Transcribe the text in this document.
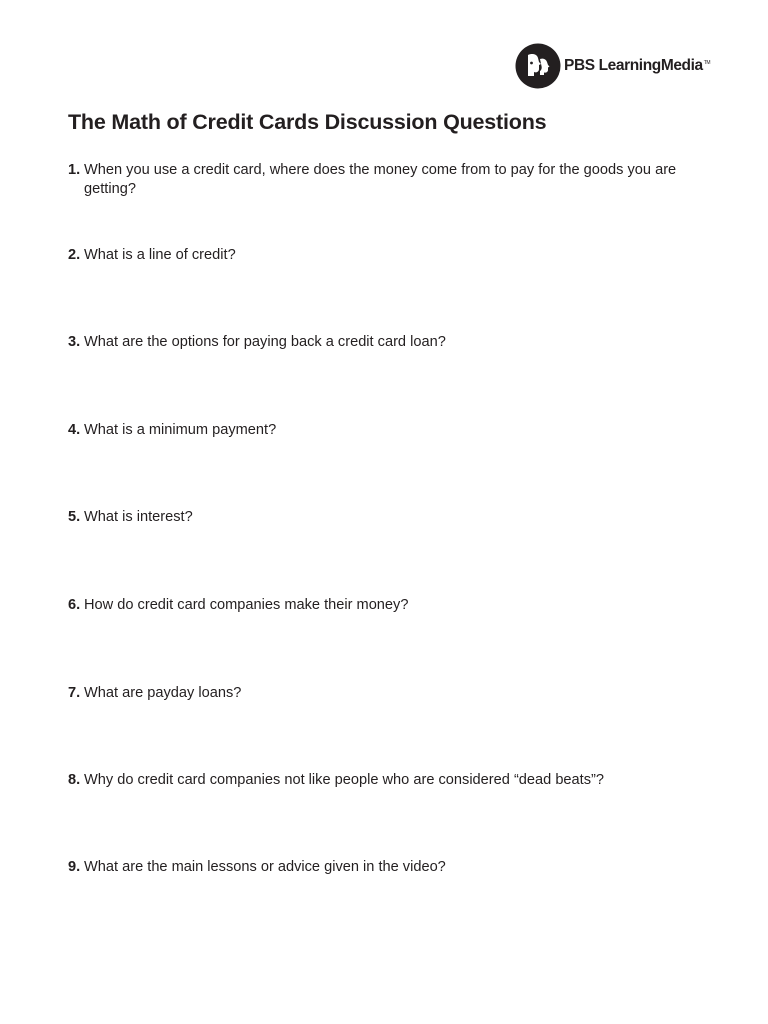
PBS LearningMedia TM
The Math of Credit Cards Discussion Questions
1. When you use a credit card, where does the money come from to pay for the goods you are getting?
2. What is a line of credit?
3. What are the options for paying back a credit card loan?
4. What is a minimum payment?
5. What is interest?
6. How do credit card companies make their money?
7. What are payday loans?
8. Why do credit card companies not like people who are considered “dead beats”?
9. What are the main lessons or advice given in the video?
